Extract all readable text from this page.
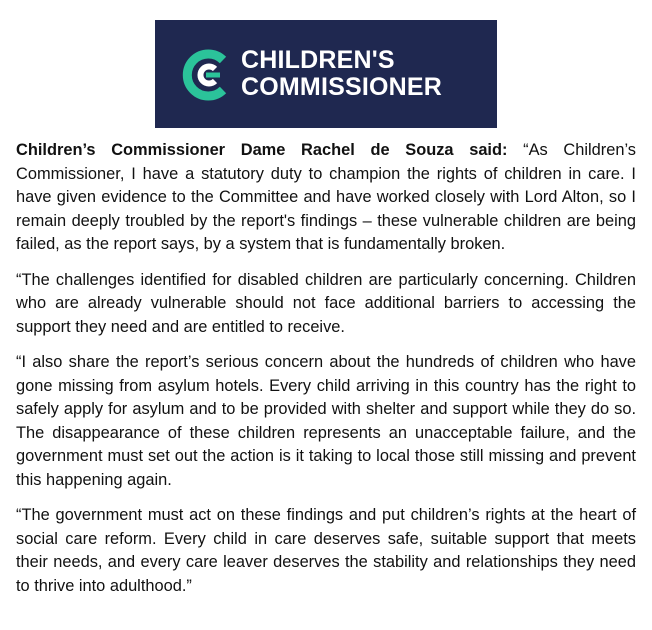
CHILDREN'S
COMMISSIONER

Children’s Commissioner Dame Rachel de Souza said: “As Children’s Commissioner, I have a statutory duty to champion the rights of children in care. I have given evidence to the Committee and have worked closely with Lord Alton, so I remain deeply troubled by the report's findings – these vulnerable children are being failed, as the report says, by a system that is fundamentally broken.

“The challenges identified for disabled children are particularly concerning. Children who are already vulnerable should not face additional barriers to accessing the support they need and are entitled to receive.

“I also share the report’s serious concern about the hundreds of children who have gone missing from asylum hotels. Every child arriving in this country has the right to safely apply for asylum and to be provided with shelter and support while they do so. The disappearance of these children represents an unacceptable failure, and the government must set out the action is it taking to local those still missing and prevent this happening again.

“The government must act on these findings and put children’s rights at the heart of social care reform. Every child in care deserves safe, suitable support that meets their needs, and every care leaver deserves the stability and relationships they need to thrive into adulthood.”
